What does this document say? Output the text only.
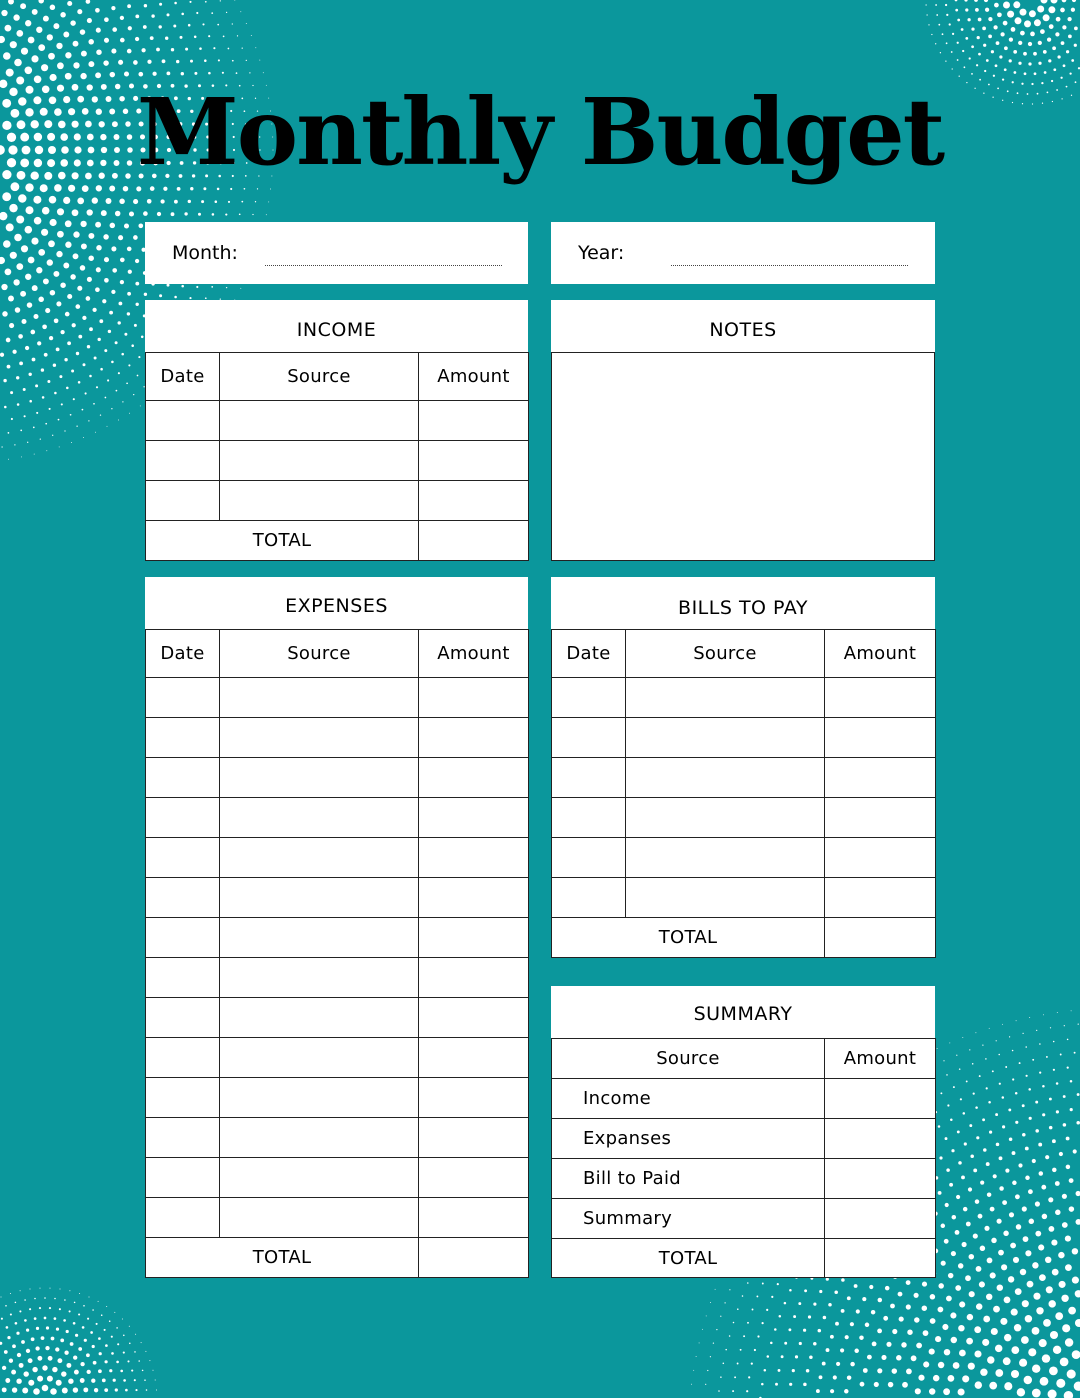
Monthly Budget
Month:	Year:
INCOME
Date	Source	Amount

TOTAL		
NOTES
EXPENSES
Date	Source	Amount

TOTAL		
BILLS TO PAY
Date	Source	Amount

TOTAL		
SUMMARY
Source	Amount
Income	
Expanses	
Bill to Paid	
Summary	
TOTAL	
